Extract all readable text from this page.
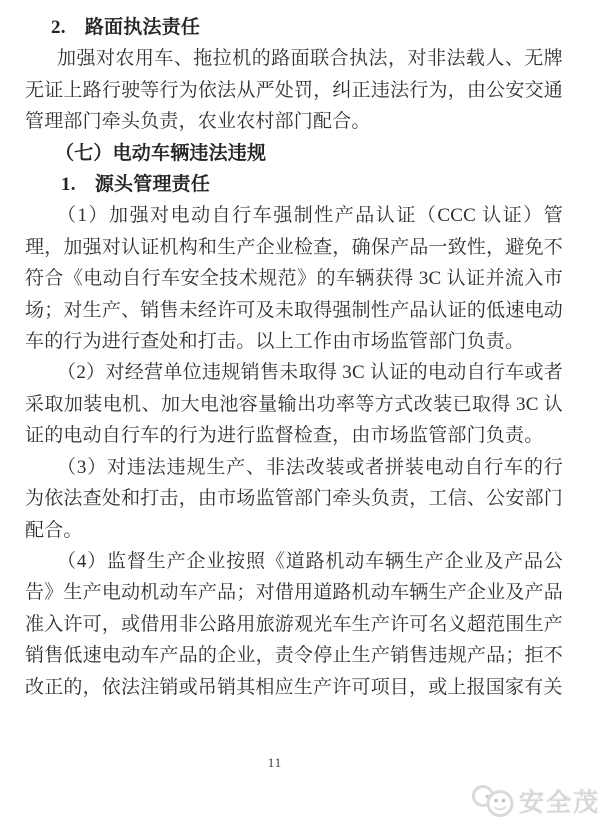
2.　路面执法责任

加强对农用车、拖拉机的路面联合执法，对非法载人、无牌无证上路行驶等行为依法从严处罚，纠正违法行为，由公安交通管理部门牵头负责，农业农村部门配合。

（七）电动车辆违法违规
1.　源头管理责任

（1）加强对电动自行车强制性产品认证（CCC 认证）管理，加强对认证机构和生产企业检查，确保产品一致性，避免不符合《电动自行车安全技术规范》的车辆获得 3C 认证并流入市场；对生产、销售未经许可及未取得强制性产品认证的低速电动车的行为进行查处和打击。以上工作由市场监管部门负责。

（2）对经营单位违规销售未取得 3C 认证的电动自行车或者采取加装电机、加大电池容量输出功率等方式改装已取得 3C 认证的电动自行车的行为进行监督检查，由市场监管部门负责。

（3）对违法违规生产、非法改装或者拼装电动自行车的行为依法查处和打击，由市场监管部门牵头负责，工信、公安部门配合。

（4）监督生产企业按照《道路机动车辆生产企业及产品公告》生产电动机动车产品；对借用道路机动车辆生产企业及产品准入许可，或借用非公路用旅游观光车生产许可名义超范围生产销售低速电动车产品的企业，责令停止生产销售违规产品；拒不改正的，依法注销或吊销其相应生产许可项目，或上报国家有关

11
安全茂
